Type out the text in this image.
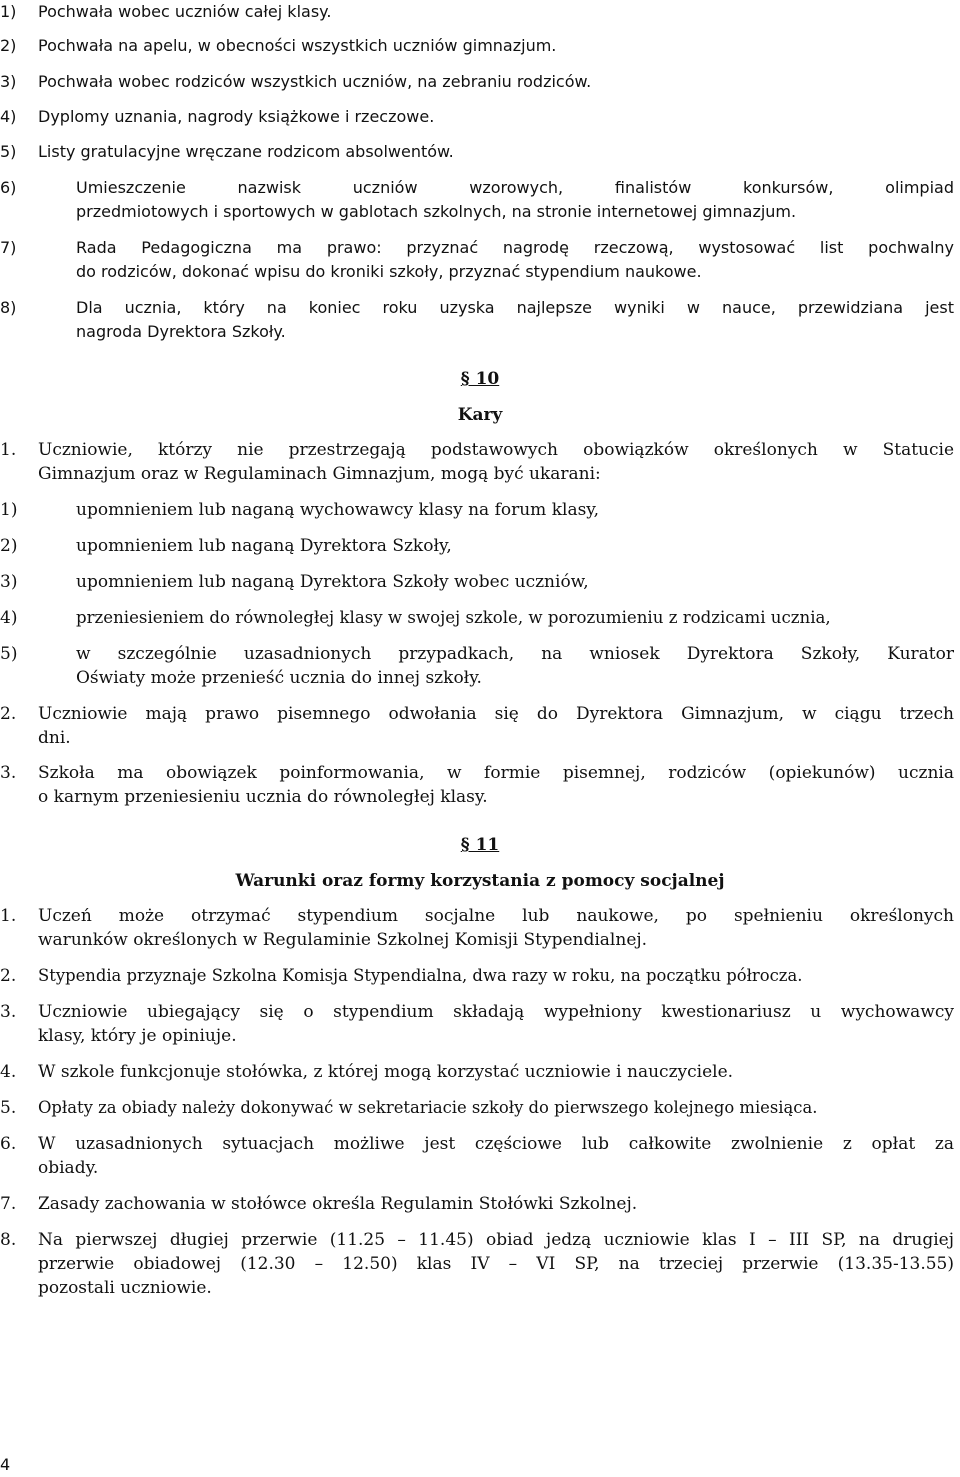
1) Pochwała wobec uczniów całej klasy.
2) Pochwała na apelu, w obecności wszystkich uczniów gimnazjum.
3) Pochwała wobec rodziców wszystkich uczniów, na zebraniu rodziców.
4) Dyplomy uznania, nagrody książkowe i rzeczowe.
5) Listy gratulacyjne wręczane rodzicom absolwentów.
6)	Umieszczenie nazwisk uczniów wzorowych, finalistów konkursów, olimpiad
przedmiotowych i sportowych w gablotach szkolnych, na stronie internetowej gimnazjum.
7)	Rada Pedagogiczna ma prawo: przyznać nagrodę rzeczową, wystosować list pochwalny
do rodziców, dokonać wpisu do kroniki szkoły, przyznać stypendium naukowe.
8)	Dla ucznia, który na koniec roku uzyska najlepsze wyniki w nauce, przewidziana jest
nagroda Dyrektora Szkoły.

§ 10

Kary

1. Uczniowie, którzy nie przestrzegają podstawowych obowiązków określonych w Statucie
Gimnazjum oraz w Regulaminach Gimnazjum, mogą być ukarani:
1)	upomnieniem lub naganą wychowawcy klasy na forum klasy,
2)	upomnieniem lub naganą Dyrektora Szkoły,
3)	upomnieniem lub naganą Dyrektora Szkoły wobec uczniów,
4)	przeniesieniem do równoległej klasy w swojej szkole, w porozumieniu z rodzicami ucznia,
5)	w szczególnie uzasadnionych przypadkach, na wniosek Dyrektora Szkoły, Kurator
Oświaty może przenieść ucznia do innej szkoły.
2. Uczniowie mają prawo pisemnego odwołania się do Dyrektora Gimnazjum, w ciągu trzech
dni.
3. Szkoła ma obowiązek poinformowania, w formie pisemnej, rodziców (opiekunów) ucznia
o karnym przeniesieniu ucznia do równoległej klasy.

§ 11

Warunki oraz formy korzystania z pomocy socjalnej

1. Uczeń może otrzymać stypendium socjalne lub naukowe, po spełnieniu określonych
warunków określonych w Regulaminie Szkolnej Komisji Stypendialnej.
2. Stypendia przyznaje Szkolna Komisja Stypendialna, dwa razy w roku, na początku półrocza.
3. Uczniowie ubiegający się o stypendium składają wypełniony kwestionariusz u wychowawcy
klasy, który je opiniuje.
4. W szkole funkcjonuje stołówka, z której mogą korzystać uczniowie i nauczyciele.
5. Opłaty za obiady należy dokonywać w sekretariacie szkoły do pierwszego kolejnego miesiąca.
6. W uzasadnionych sytuacjach możliwe jest częściowe lub całkowite zwolnienie z opłat za
obiady.
7. Zasady zachowania w stołówce określa Regulamin Stołówki Szkolnej.
8. Na pierwszej długiej przerwie (11.25 – 11.45) obiad jedzą uczniowie klas I – III SP, na drugiej
przerwie obiadowej (12.30 – 12.50) klas IV – VI SP, na trzeciej przerwie (13.35-13.55)
pozostali uczniowie.
4
